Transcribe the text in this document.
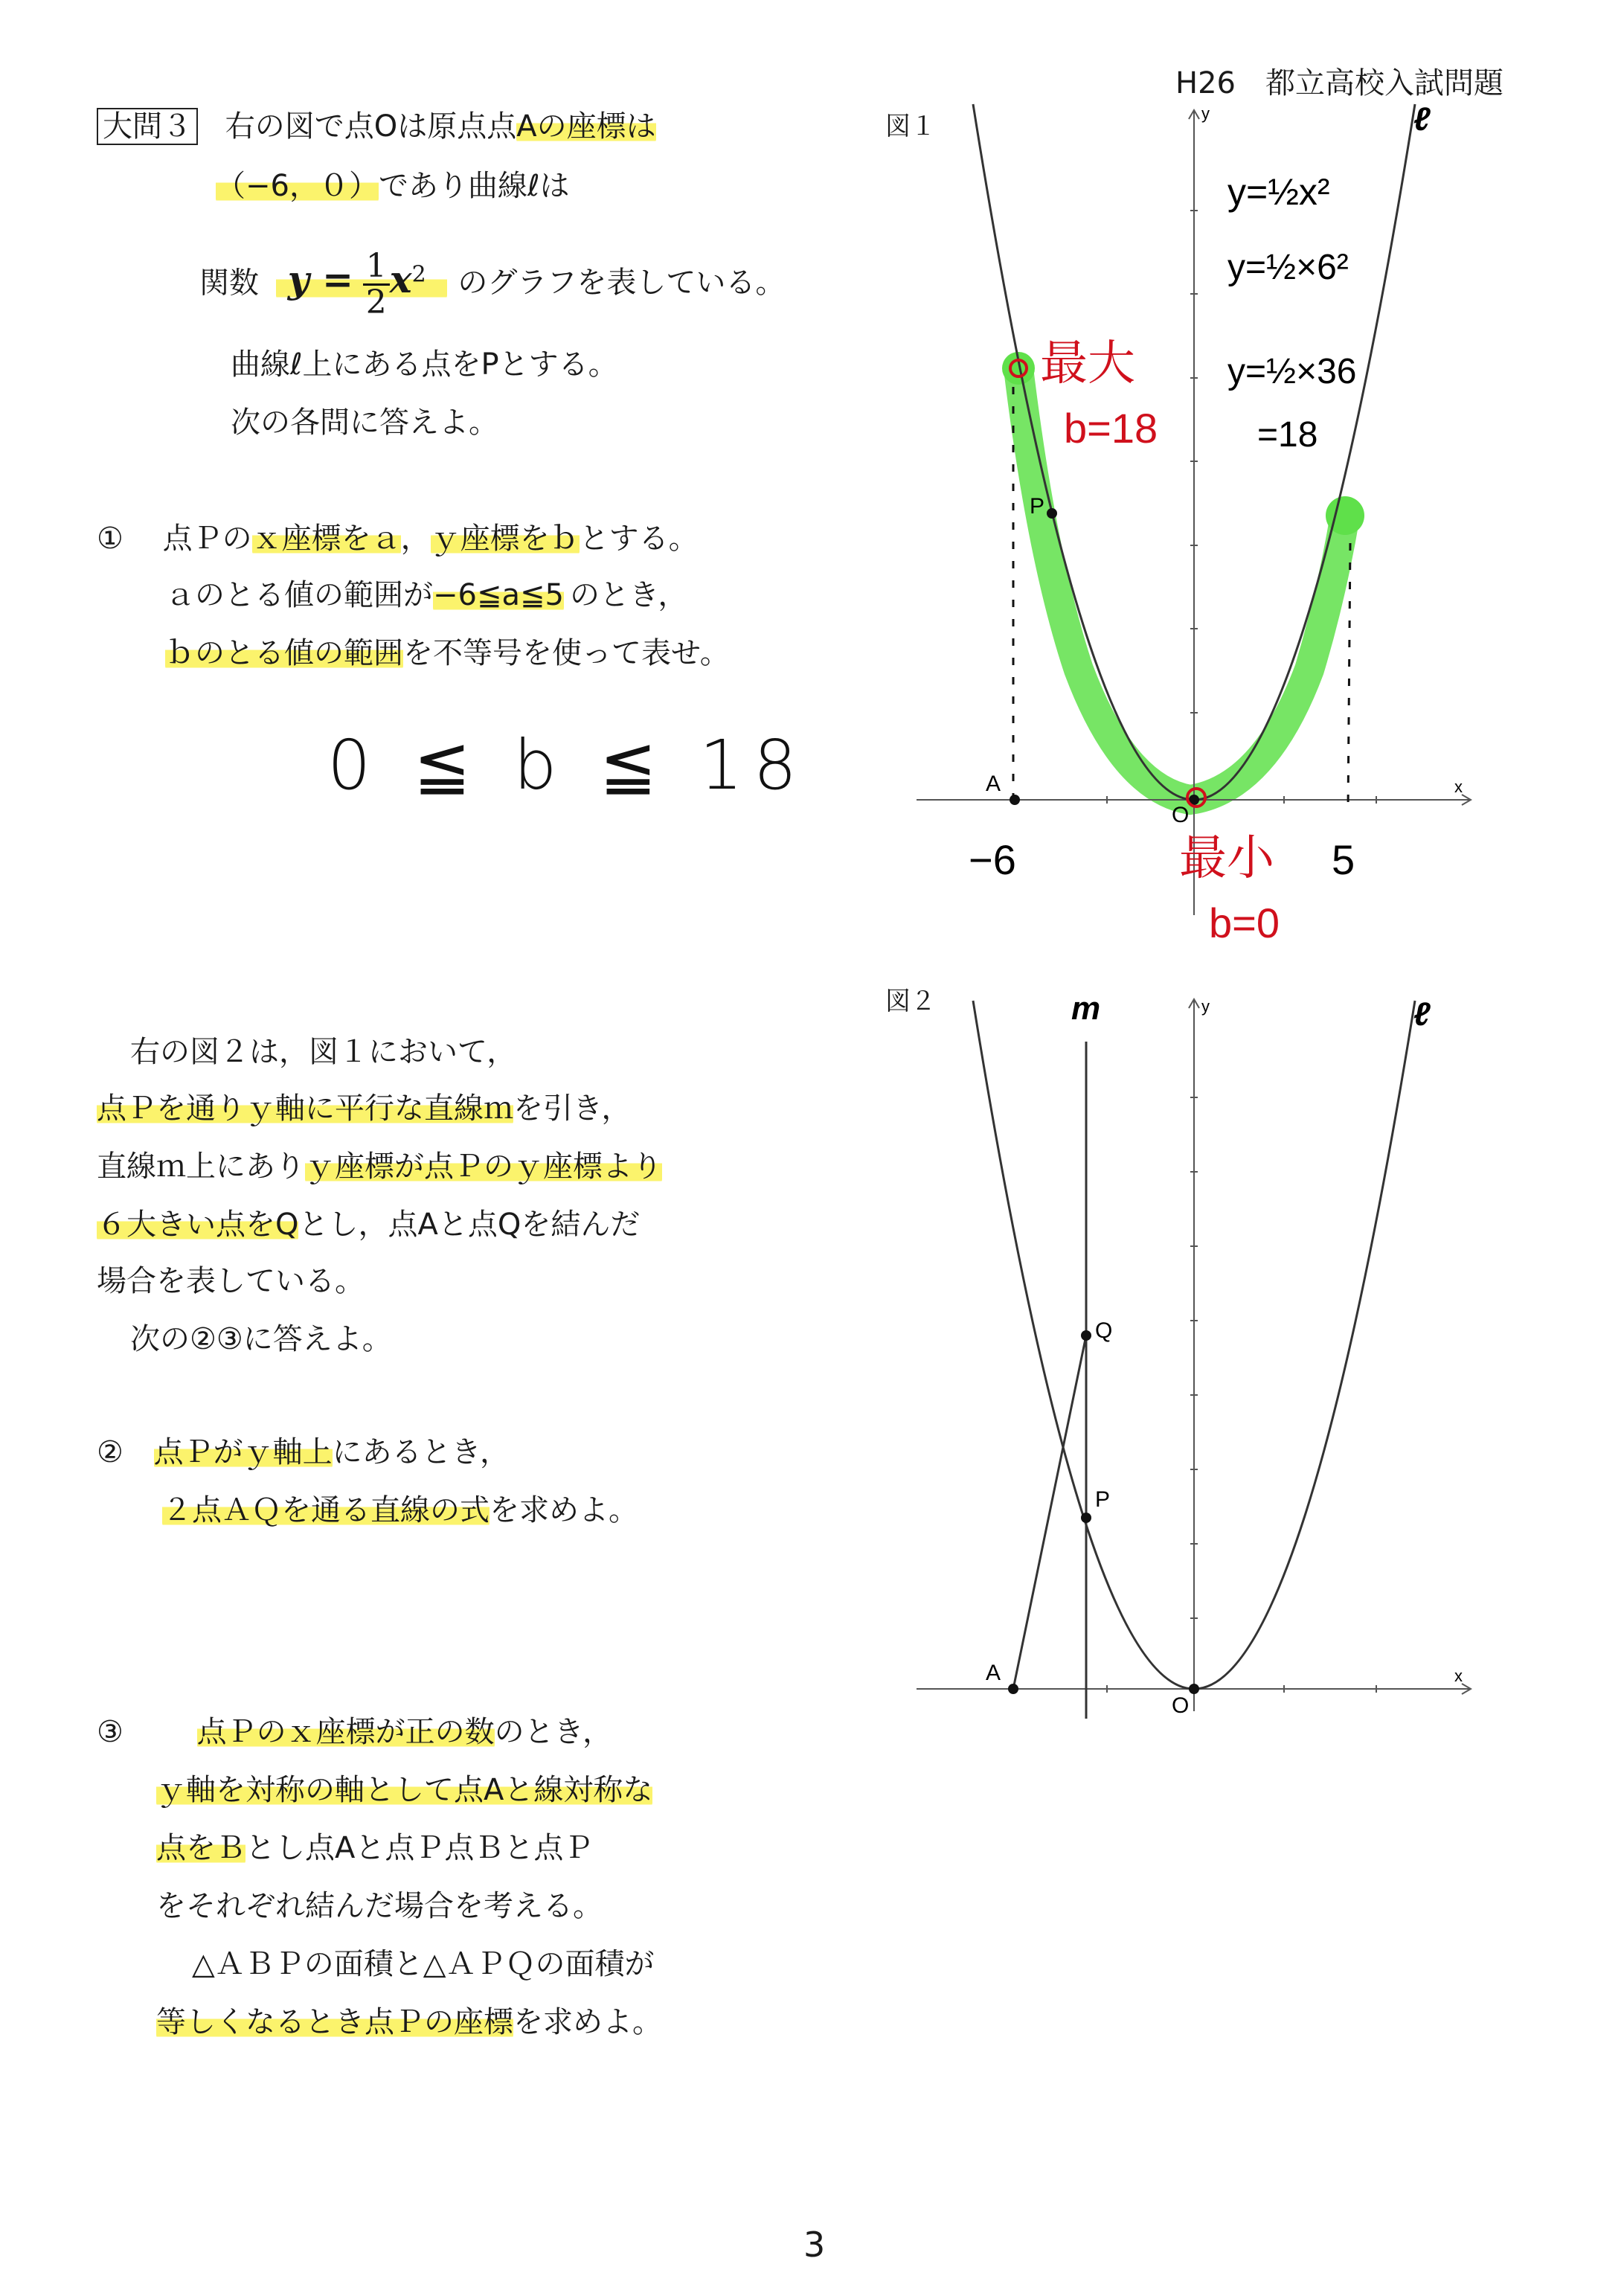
H26　都立高校入試問題
大問３ 右の図で点Oは原点点Aの座標は
（−6，０）であり曲線ℓは
関数 $y = \frac{1}{2} x^2$ のグラフを表している。
曲線ℓ上にある点をPとする。
次の各問に答えよ。
① 点Ｐのｘ座標をａ，ｙ座標をｂとする。
ａのとる値の範囲が−6≦a≦5 のとき，
ｂのとる値の範囲を不等号を使って表せ。
0 ≦ b ≦ 18
図１	ℓ
x
y
A
P
O
y=½x²
y=½×6²
y=½×36
=18
最大
b=18
最小
b=0
−6	5
右の図２は，図１において，
点Ｐを通りｙ軸に平行な直線ｍを引き，
直線ｍ上にありｙ座標が点Ｐのｙ座標より
６大きい点をQとし，点Aと点Qを結んだ
場合を表している。
次の②③に答えよ。
② 点Ｐがｙ軸上にあるとき，
２点ＡＱを通る直線の式を求めよ。
③ 点Ｐのｘ座標が正の数のとき，
ｙ軸を対称の軸として点Aと線対称な
点をＢとし点Aと点Ｐ点Ｂと点Ｐ
をそれぞれ結んだ場合を考える。
△ＡＢＰの面積と△ＡＰＱの面積が
等しくなるとき点Ｐの座標を求めよ。
図２	ℓ
m
x
y
A
O
P
Q
3
